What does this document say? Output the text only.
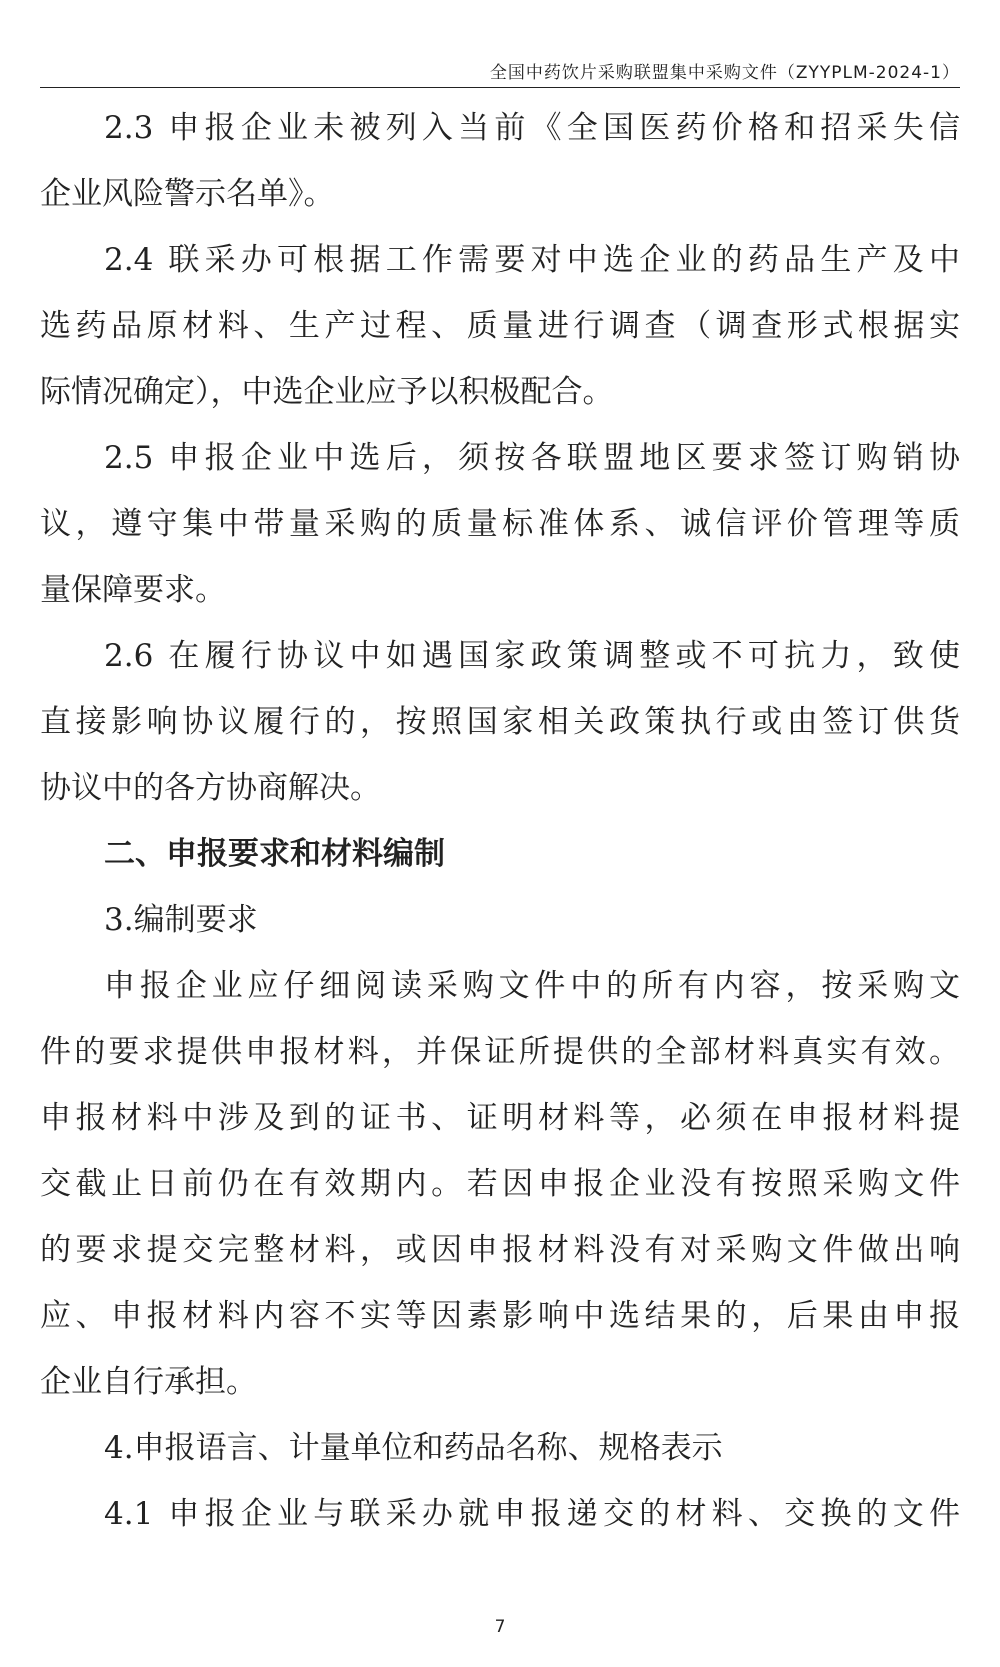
全国中药饮片采购联盟集中采购文件（ZYYPLM-2024-1）
2.3 申报企业未被列入当前《全国医药价格和招采失信
企业风险警示名单》。
2.4 联采办可根据工作需要对中选企业的药品生产及中
选药品原材料、生产过程、质量进行调查（调查形式根据实
际情况确定），中选企业应予以积极配合。
2.5 申报企业中选后，须按各联盟地区要求签订购销协
议，遵守集中带量采购的质量标准体系、诚信评价管理等质
量保障要求。
2.6 在履行协议中如遇国家政策调整或不可抗力，致使
直接影响协议履行的，按照国家相关政策执行或由签订供货
协议中的各方协商解决。
二、申报要求和材料编制
3.编制要求
申报企业应仔细阅读采购文件中的所有内容，按采购文
件的要求提供申报材料，并保证所提供的全部材料真实有效。
申报材料中涉及到的证书、证明材料等，必须在申报材料提
交截止日前仍在有效期内。若因申报企业没有按照采购文件
的要求提交完整材料，或因申报材料没有对采购文件做出响
应、申报材料内容不实等因素影响中选结果的，后果由申报
企业自行承担。
4.申报语言、计量单位和药品名称、规格表示
4.1 申报企业与联采办就申报递交的材料、交换的文件
7
